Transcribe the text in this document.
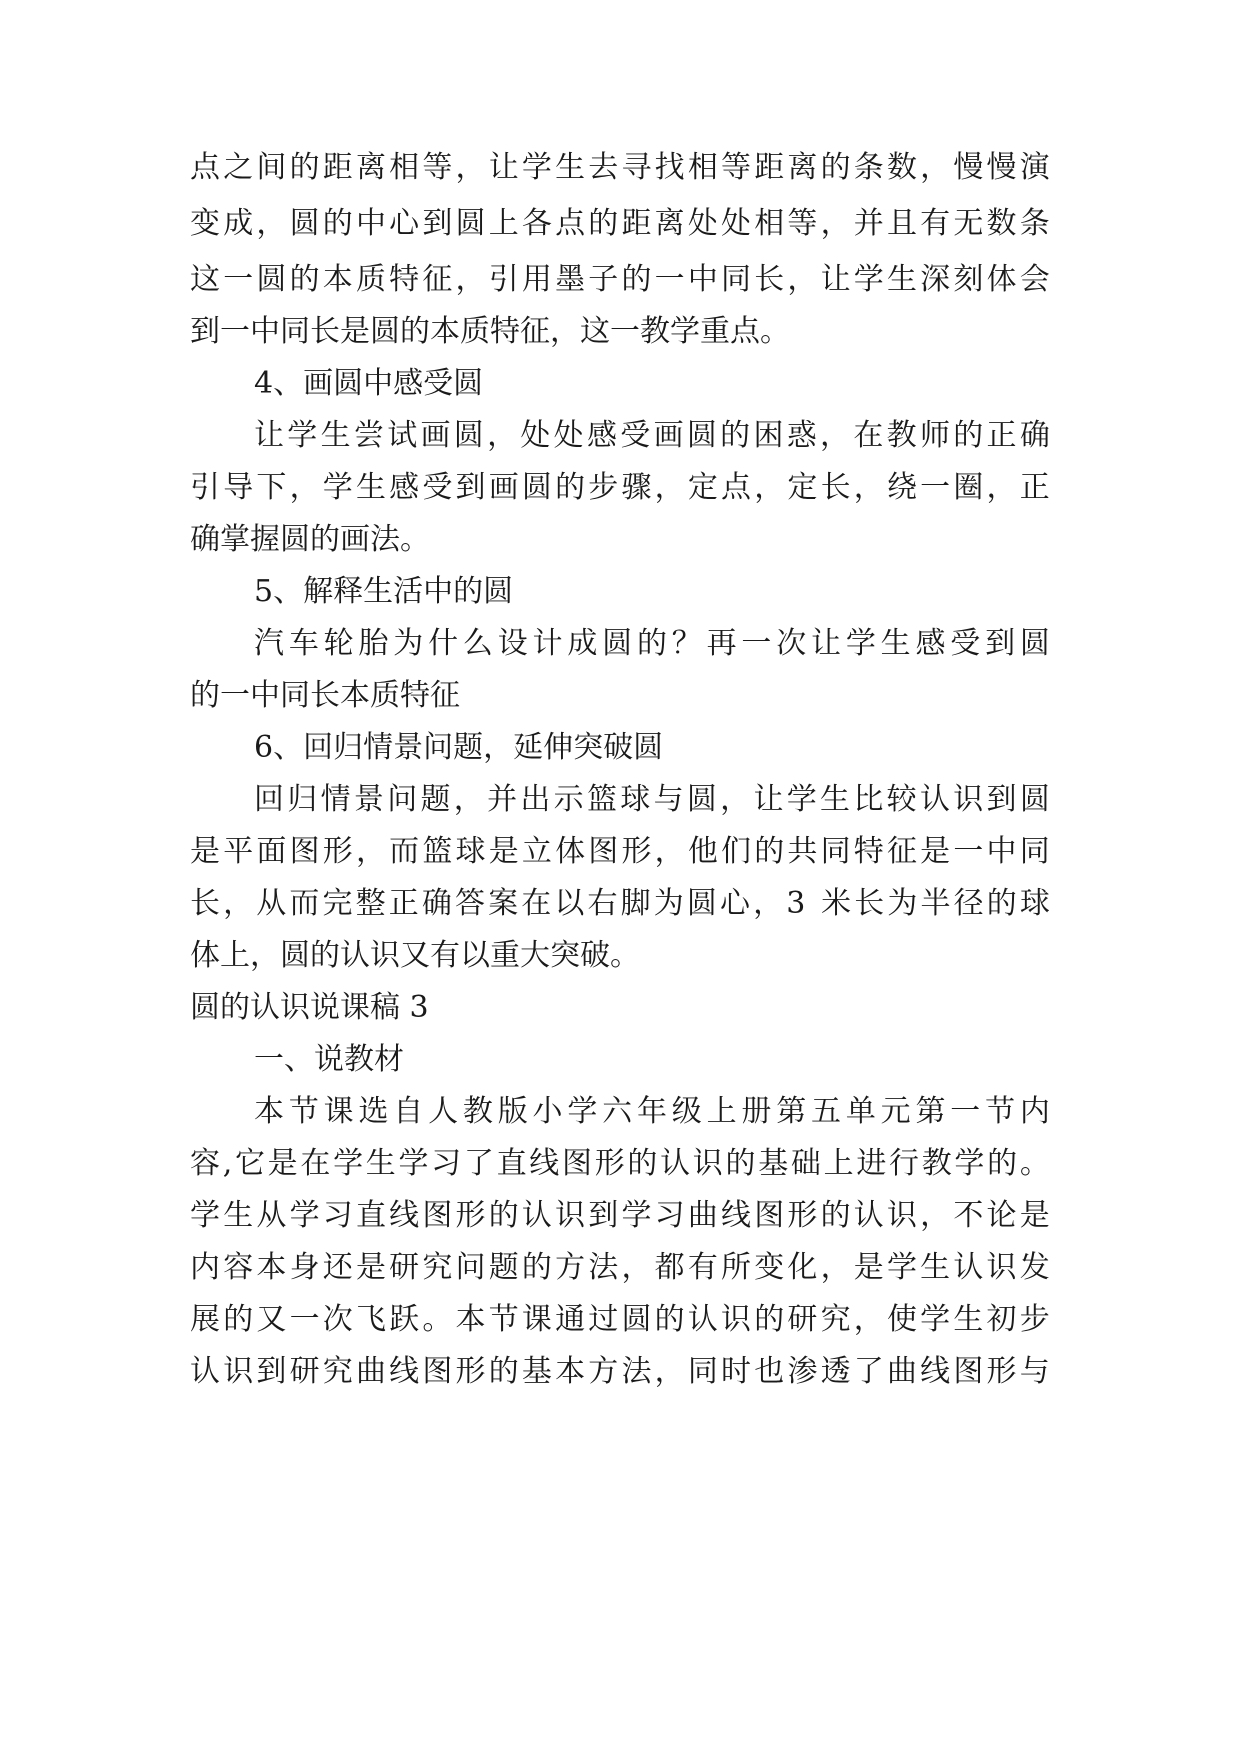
点 之 间 的 距 离 相 等 ， 让 学 生 去 寻 找 相 等 距 离 的 条 数 ， 慢 慢 演
变 成 ， 圆 的 中 心 到 圆 上 各 点 的 距 离 处 处 相 等 ， 并 且 有 无 数 条
这 一 圆 的 本 质 特 征 ， 引 用 墨 子 的 一 中 同 长 ， 让 学 生 深 刻 体 会
到一中同长是圆的本质特征，这一教学重点。
4、画圆中感受圆
让 学 生 尝 试 画 圆 ， 处 处 感 受 画 圆 的 困 惑 ， 在 教 师 的 正 确
引 导 下 ， 学 生 感 受 到 画 圆 的 步 骤 ， 定 点 ， 定 长 ， 绕 一 圈 ， 正
确掌握圆的画法。
5、解释生活中的圆
汽 车 轮 胎 为 什 么 设 计 成 圆 的 ？ 再 一 次 让 学 生 感 受 到 圆
的一中同长本质特征
6、回归情景问题，延伸突破圆
回 归 情 景 问 题 ， 并 出 示 篮 球 与 圆 ， 让 学 生 比 较 认 识 到 圆
是 平 面 图 形 ， 而 篮 球 是 立 体 图 形 ， 他 们 的 共 同 特 征 是 一 中 同
长 ， 从 而 完 整 正 确 答 案 在 以 右 脚 为 圆 心 ， 3
米 长 为 半 径 的 球
体上，圆的认识又有以重大突破。
圆的认识说课稿 3
一、说教材
本 节 课 选 自 人 教 版 小 学 六 年 级 上 册 第 五 单 元 第 一 节 内
容 , 它 是 在 学 生 学 习 了 直 线 图 形 的 认 识 的 基 础 上 进 行 教 学 的 。
学 生 从 学 习 直 线 图 形 的 认 识 到 学 习 曲 线 图 形 的 认 识 ， 不 论 是
内 容 本 身 还 是 研 究 问 题 的 方 法 ， 都 有 所 变 化 ， 是 学 生 认 识 发
展 的 又 一 次 飞 跃 。 本 节 课 通 过 圆 的 认 识 的 研 究 ， 使 学 生 初 步
认 识 到 研 究 曲 线 图 形 的 基 本 方 法 ， 同 时 也 渗 透 了 曲 线 图 形 与
